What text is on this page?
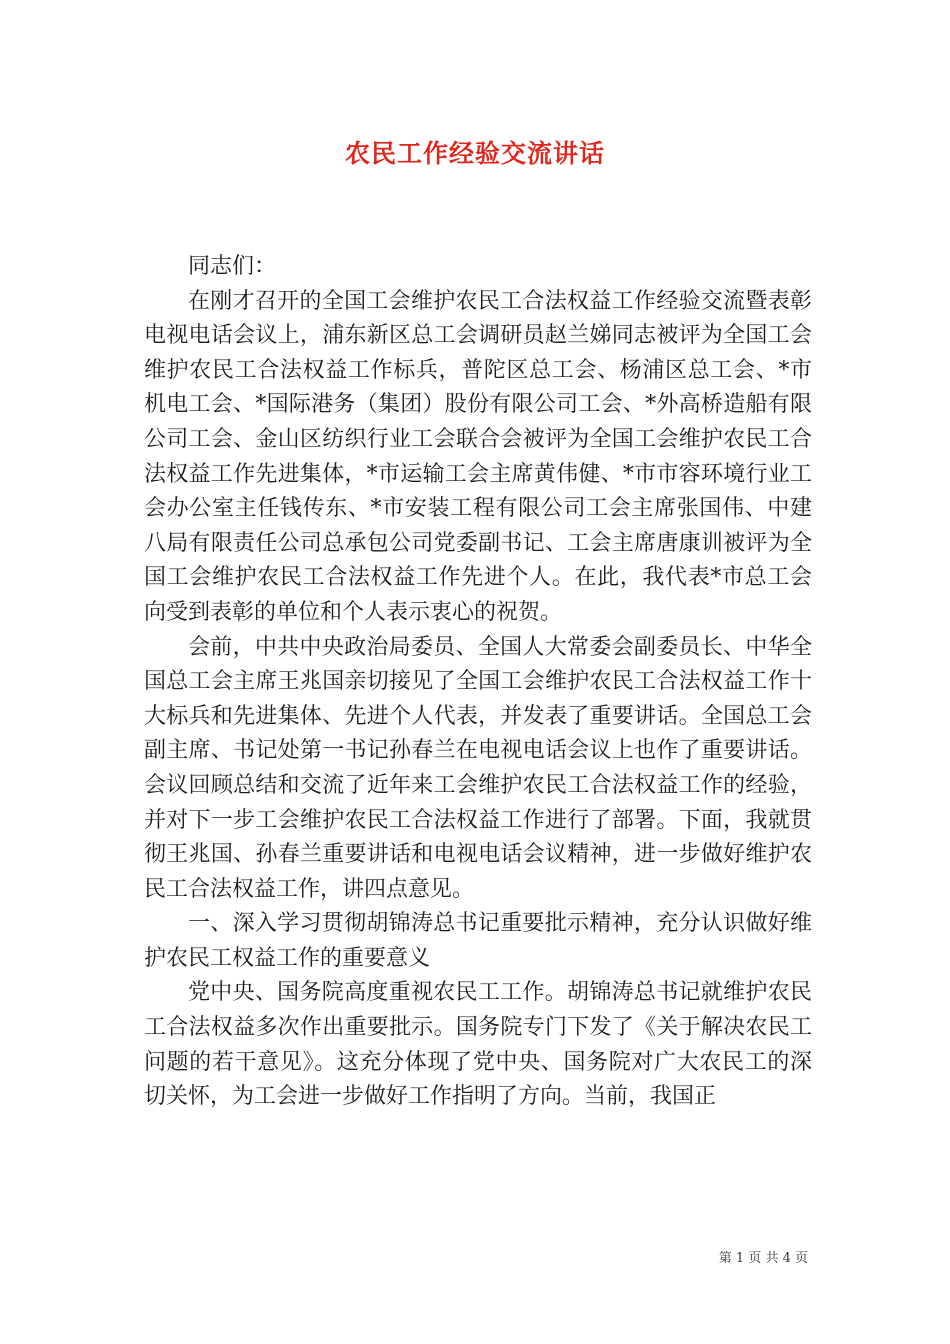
农民工作经验交流讲话

同志们：

在刚才召开的全国工会维护农民工合法权益工作经验交流暨表彰电视电话会议上，浦东新区总工会调研员赵兰娣同志被评为全国工会维护农民工合法权益工作标兵，普陀区总工会、杨浦区总工会、*市机电工会、*国际港务（集团）股份有限公司工会、*外高桥造船有限公司工会、金山区纺织行业工会联合会被评为全国工会维护农民工合法权益工作先进集体，*市运输工会主席黄伟健、*市市容环境行业工会办公室主任钱传东、*市安装工程有限公司工会主席张国伟、中建八局有限责任公司总承包公司党委副书记、工会主席唐康训被评为全国工会维护农民工合法权益工作先进个人。在此，我代表*市总工会向受到表彰的单位和个人表示衷心的祝贺。

会前，中共中央政治局委员、全国人大常委会副委员长、中华全国总工会主席王兆国亲切接见了全国工会维护农民工合法权益工作十大标兵和先进集体、先进个人代表，并发表了重要讲话。全国总工会副主席、书记处第一书记孙春兰在电视电话会议上也作了重要讲话。会议回顾总结和交流了近年来工会维护农民工合法权益工作的经验，并对下一步工会维护农民工合法权益工作进行了部署。下面，我就贯彻王兆国、孙春兰重要讲话和电视电话会议精神，进一步做好维护农民工合法权益工作，讲四点意见。

一、深入学习贯彻胡锦涛总书记重要批示精神，充分认识做好维护农民工权益工作的重要意义

党中央、国务院高度重视农民工工作。胡锦涛总书记就维护农民工合法权益多次作出重要批示。国务院专门下发了《关于解决农民工问题的若干意见》。这充分体现了党中央、国务院对广大农民工的深切关怀，为工会进一步做好工作指明了方向。当前，我国正

第 1 页 共 4 页
